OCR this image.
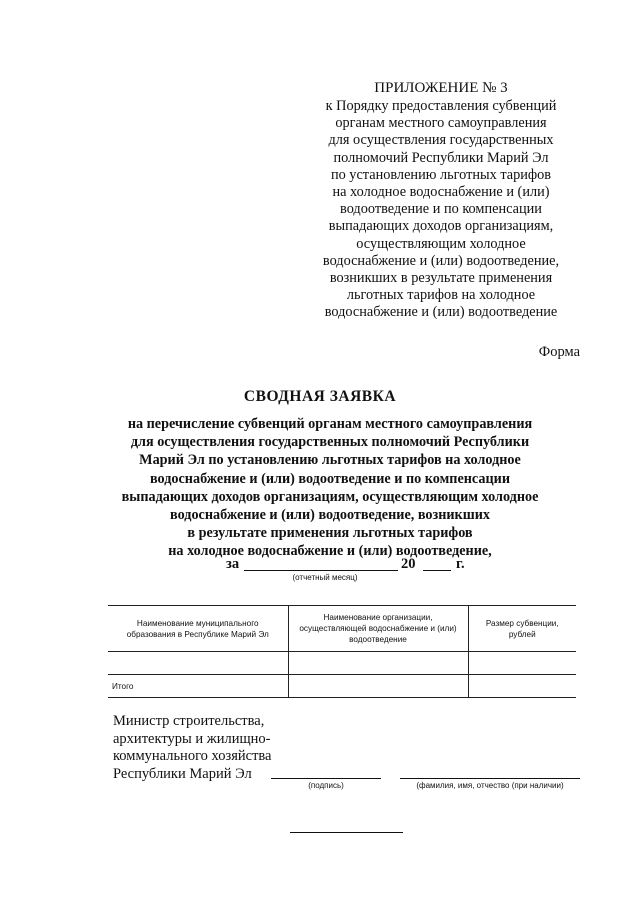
ПРИЛОЖЕНИЕ № 3
к Порядку предоставления субвенций
органам местного самоуправления
для осуществления государственных
полномочий Республики Марий Эл
по установлению льготных тарифов
на холодное водоснабжение и (или)
водоотведение и по компенсации
выпадающих доходов организациям,
осуществляющим холодное
водоснабжение и (или) водоотведение,
возникших в результате применения
льготных тарифов на холодное
водоснабжение и (или) водоотведение
Форма
СВОДНАЯ ЗАЯВКА
на перечисление субвенций органам местного самоуправления
для осуществления государственных полномочий Республики
Марий Эл по установлению льготных тарифов на холодное
водоснабжение и (или) водоотведение и по компенсации
выпадающих доходов организациям, осуществляющим холодное
водоснабжение и (или) водоотведение, возникших
в результате применения льготных тарифов
на холодное водоснабжение и (или) водоотведение,
за	20	г.
(отчетный месяц)
Наименование муниципального образования в Республике Марий Эл	Наименование организации, осуществляющей водоснабжение и (или) водоотведение	Размер субвенции, рублей

Итого		
Министр строительства,
архитектуры и жилищно-
коммунального хозяйства
Республики Марий Эл
(подпись)	(фамилия, имя, отчество (при наличии)
